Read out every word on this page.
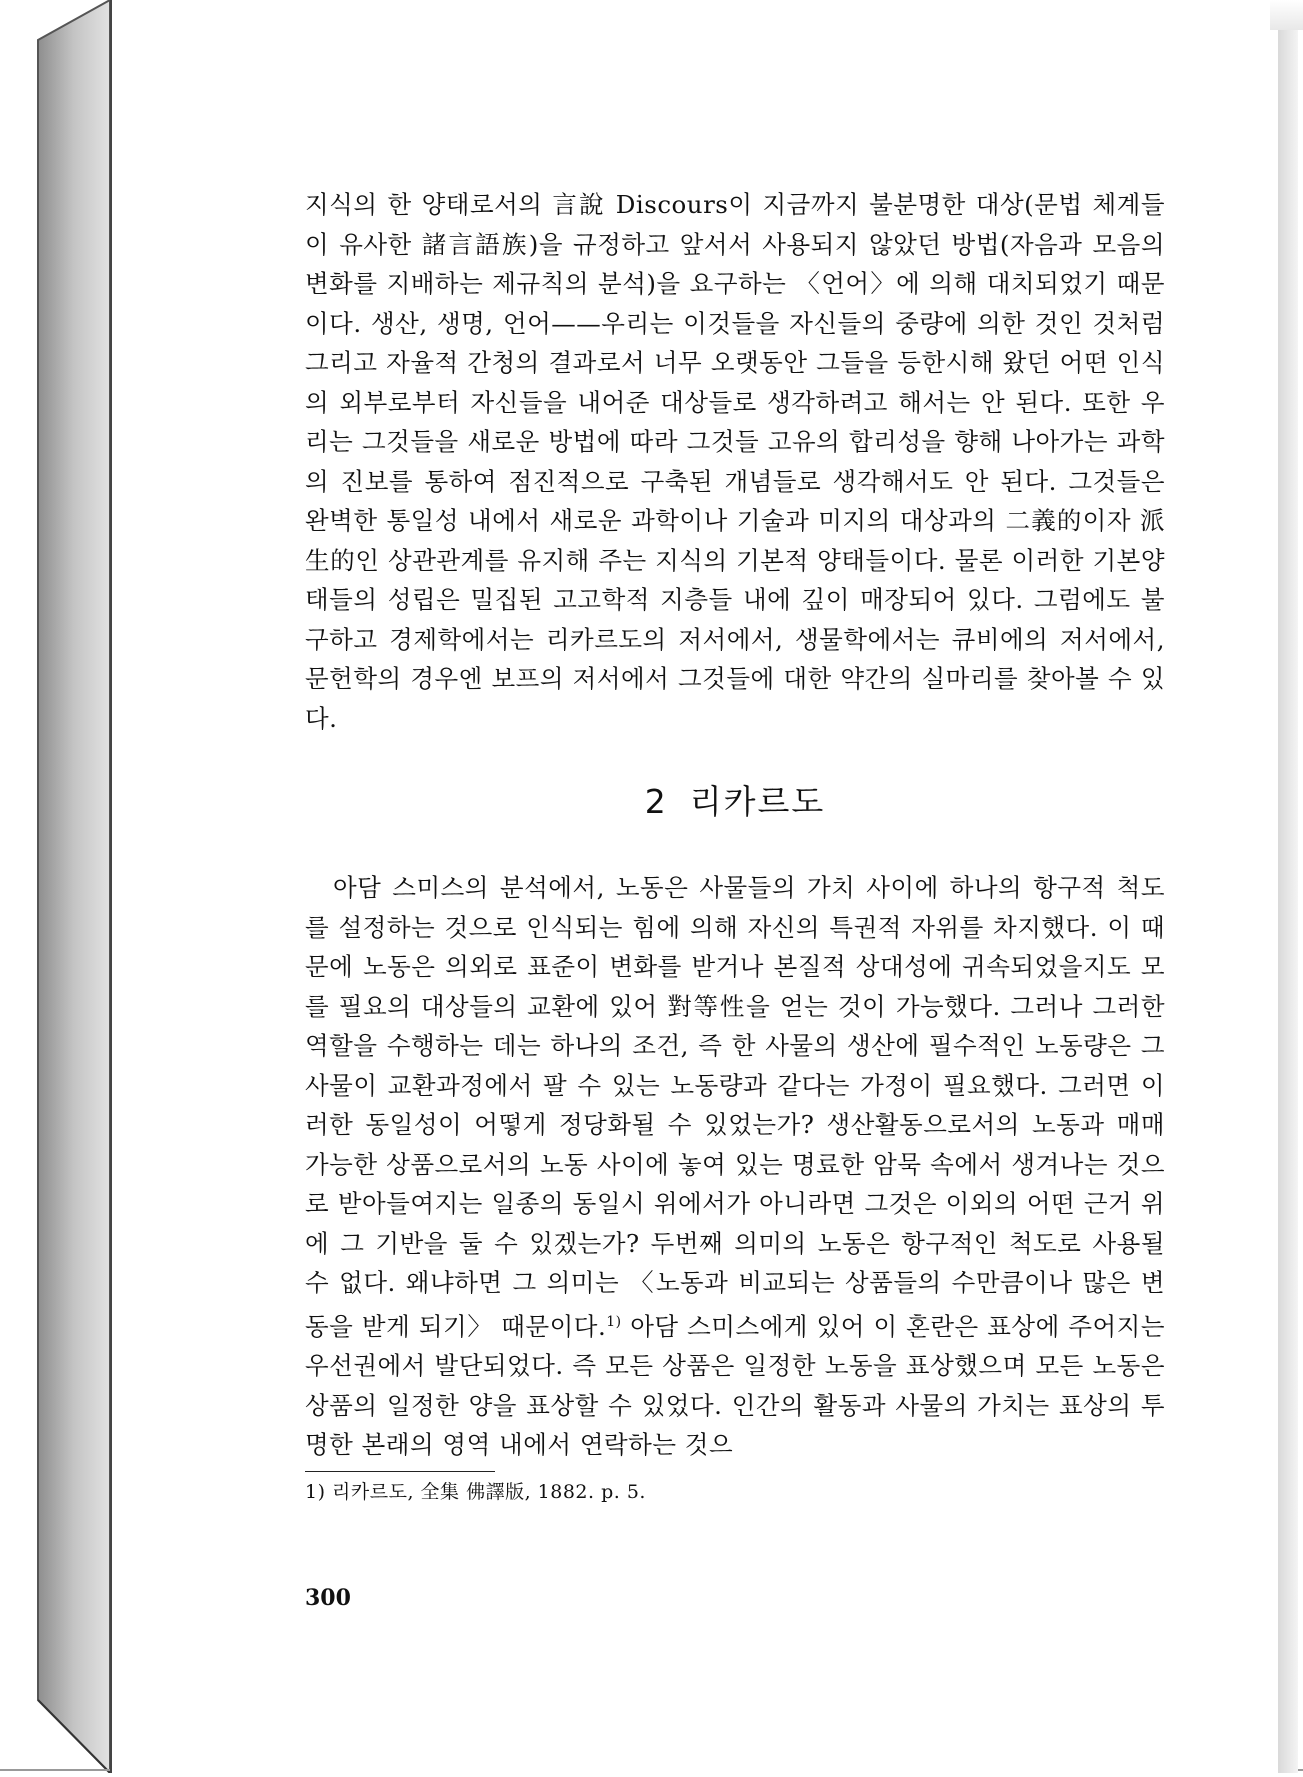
지식의 한 양태로서의 言說 Discours이 지금까지 불분명한 대상(문법 체계들이 유사한 諸言語族)을 규정하고 앞서서 사용되지 않았던 방법(자음과 모음의 변화를 지배하는 제규칙의 분석)을 요구하는 〈언어〉에 의해 대치되었기 때문이다. 생산, 생명, 언어——우리는 이것들을 자신들의 중량에 의한 것인 것처럼 그리고 자율적 간청의 결과로서 너무 오랫동안 그들을 등한시해 왔던 어떤 인식의 외부로부터 자신들을 내어준 대상들로 생각하려고 해서는 안 된다. 또한 우리는 그것들을 새로운 방법에 따라 그것들 고유의 합리성을 향해 나아가는 과학의 진보를 통하여 점진적으로 구축된 개념들로 생각해서도 안 된다. 그것들은 완벽한 통일성 내에서 새로운 과학이나 기술과 미지의 대상과의 二義的이자 派生的인 상관관계를 유지해 주는 지식의 기본적 양태들이다. 물론 이러한 기본양태들의 성립은 밀집된 고고학적 지층들 내에 깊이 매장되어 있다. 그럼에도 불구하고 경제학에서는 리카르도의 저서에서, 생물학에서는 큐비에의 저서에서, 문헌학의 경우엔 보프의 저서에서 그것들에 대한 약간의 실마리를 찾아볼 수 있다.

2 리카르도

아담 스미스의 분석에서, 노동은 사물들의 가치 사이에 하나의 항구적 척도를 설정하는 것으로 인식되는 힘에 의해 자신의 특권적 자위를 차지했다. 이 때문에 노동은 의외로 표준이 변화를 받거나 본질적 상대성에 귀속되었을지도 모를 필요의 대상들의 교환에 있어 對等性을 얻는 것이 가능했다. 그러나 그러한 역할을 수행하는 데는 하나의 조건, 즉 한 사물의 생산에 필수적인 노동량은 그 사물이 교환과정에서 팔 수 있는 노동량과 같다는 가정이 필요했다. 그러면 이러한 동일성이 어떻게 정당화될 수 있었는가? 생산활동으로서의 노동과 매매 가능한 상품으로서의 노동 사이에 놓여 있는 명료한 암묵 속에서 생겨나는 것으로 받아들여지는 일종의 동일시 위에서가 아니라면 그것은 이외의 어떤 근거 위에 그 기반을 둘 수 있겠는가? 두번째 의미의 노동은 항구적인 척도로 사용될 수 없다. 왜냐하면 그 의미는 〈노동과 비교되는 상품들의 수만큼이나 많은 변동을 받게 되기〉 때문이다.$^{1)}$ 아담 스미스에게 있어 이 혼란은 표상에 주어지는 우선권에서 발단되었다. 즉 모든 상품은 일정한 노동을 표상했으며 모든 노동은 상품의 일정한 양을 표상할 수 있었다. 인간의 활동과 사물의 가치는 표상의 투명한 본래의 영역 내에서 연락하는 것으

1) 리카르도, 全集 佛譯版, 1882. p. 5.

300
